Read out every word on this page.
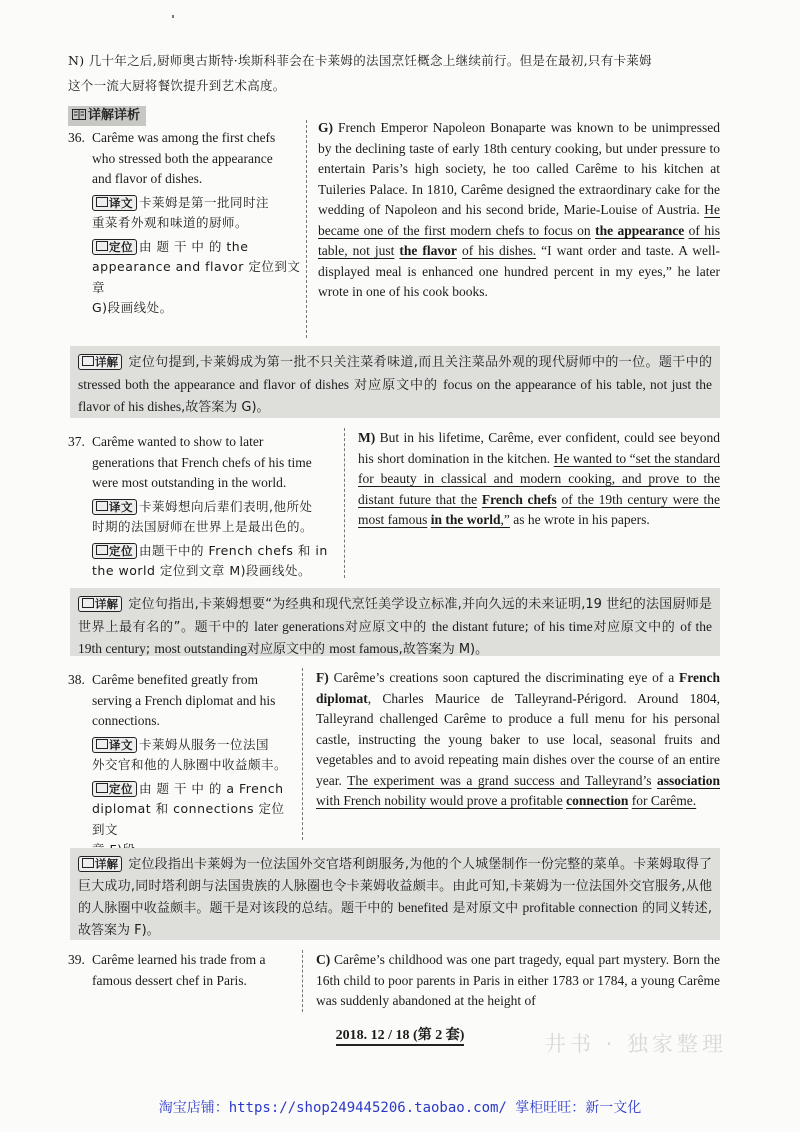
N) 几十年之后,厨师奥古斯特·埃斯科菲会在卡莱姆的法国烹饪概念上继续前行。但是在最初,只有卡莱姆
这个一流大厨将餐饮提升到艺术高度。
详解详析
36. Carême was among the first chefs
who stressed both the appearance
and flavor of dishes.
译文 卡莱姆是第一批同时注
重菜肴外观和味道的厨师。
定位 由 题 干 中 的 the
appearance and flavor 定位到文章
G)段画线处。
G) French Emperor Napoleon Bonaparte was known to be unimpressed by the declining taste of early 18th century cooking, but under pressure to entertain Paris’s high society, he too called Carême to his kitchen at Tuileries Palace. In 1810, Carême designed the extraordinary cake for the wedding of Napoleon and his second bride, Marie-Louise of Austria. He became one of the first modern chefs to focus on the appearance of his table, not just the flavor of his dishes. “I want order and taste. A well-displayed meal is enhanced one hundred percent in my eyes,” he later wrote in one of his cook books.
详解 定位句提到,卡莱姆成为第一批不只关注菜肴味道,而且关注菜品外观的现代厨师中的一位。题干中的 stressed both the appearance and flavor of dishes 对应原文中的 focus on the appearance of his table, not just the flavor of his dishes,故答案为 G)。
37. Carême wanted to show to later
generations that French chefs of his time
were most outstanding in the world.
译文 卡莱姆想向后辈们表明,他所处
时期的法国厨师在世界上是最出色的。
定位 由题干中的 French chefs 和 in
the world 定位到文章 M)段画线处。
M) But in his lifetime, Carême, ever confident, could see beyond his short domination in the kitchen. He wanted to “set the standard for beauty in classical and modern cooking, and prove to the distant future that the French chefs of the 19th century were the most famous in the world,” as he wrote in his papers.
详解 定位句指出,卡莱姆想要“为经典和现代烹饪美学设立标准,并向久远的未来证明,19 世纪的法国厨师是世界上最有名的”。题干中的 later generations对应原文中的 the distant future; of his time对应原文中的 of the 19th century; most outstanding对应原文中的 most famous,故答案为 M)。
38. Carême benefited greatly from
serving a French diplomat and his
connections.
译文 卡莱姆从服务一位法国
外交官和他的人脉圈中收益颇丰。
定位 由 题 干 中 的 a French
diplomat 和 connections 定位到文
F) Carême’s creations soon captured the discriminating eye of a French diplomat, Charles Maurice de Talleyrand-Périgord. Around 1804, Talleyrand challenged Carême to produce a full menu for his personal castle, instructing the young baker to use local, seasonal fruits and vegetables and to avoid repeating main dishes over the course of an entire year. The experiment was a grand success and Talleyrand’s association with French nobility would prove a profitable connection for Carême.
详解 定位段指出卡莱姆为一位法国外交官塔利朗服务,为他的个人城堡制作一份完整的菜单。卡莱姆取得了巨大成功,同时塔利朗与法国贵族的人脉圈也令卡莱姆收益颇丰。由此可知,卡莱姆为一位法国外交官服务,从他的人脉圈中收益颇丰。题干是对该段的总结。题干中的 benefited 是对原文中 profitable connection 的同义转述,故答案为 F)。
39. Carême learned his trade from a
famous dessert chef in Paris.
C) Carême’s childhood was one part tragedy, equal part mystery. Born the 16th child to poor parents in Paris in either 1783 or 1784, a young Carême was suddenly abandoned at the height of
井书 · 独家整理
2018. 12 / 18 (第 2 套)
淘宝店铺：https://shop249445206.taobao.com/ 掌柜旺旺：新一文化
